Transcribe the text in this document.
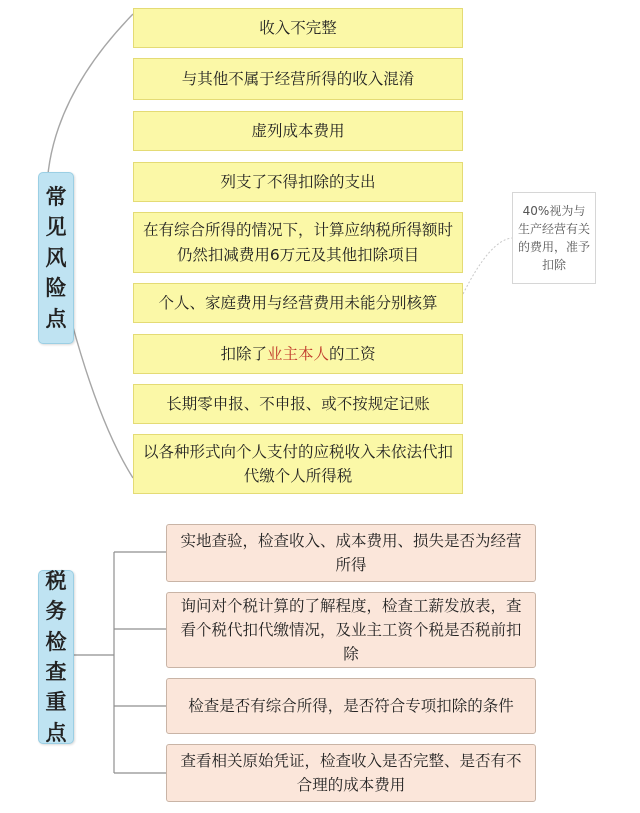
常
见
风
险
点
收入不完整
与其他不属于经营所得的收入混淆
虚列成本费用
列支了不得扣除的支出
在有综合所得的情况下，计算应纳税所得额时仍然扣减费用6万元及其他扣除项目
个人、家庭费用与经营费用未能分别核算
扣除了业主本人的工资
长期零申报、不申报、或不按规定记账
以各种形式向个人支付的应税收入未依法代扣代缴个人所得税
40%视为与生产经营有关的费用，准予扣除
税
务
检
查
重
点
实地查验，检查收入、成本费用、损失是否为经营所得
询问对个税计算的了解程度，检查工薪发放表，查看个税代扣代缴情况，及业主工资个税是否税前扣除
检查是否有综合所得，是否符合专项扣除的条件
查看相关原始凭证，检查收入是否完整、是否有不合理的成本费用
